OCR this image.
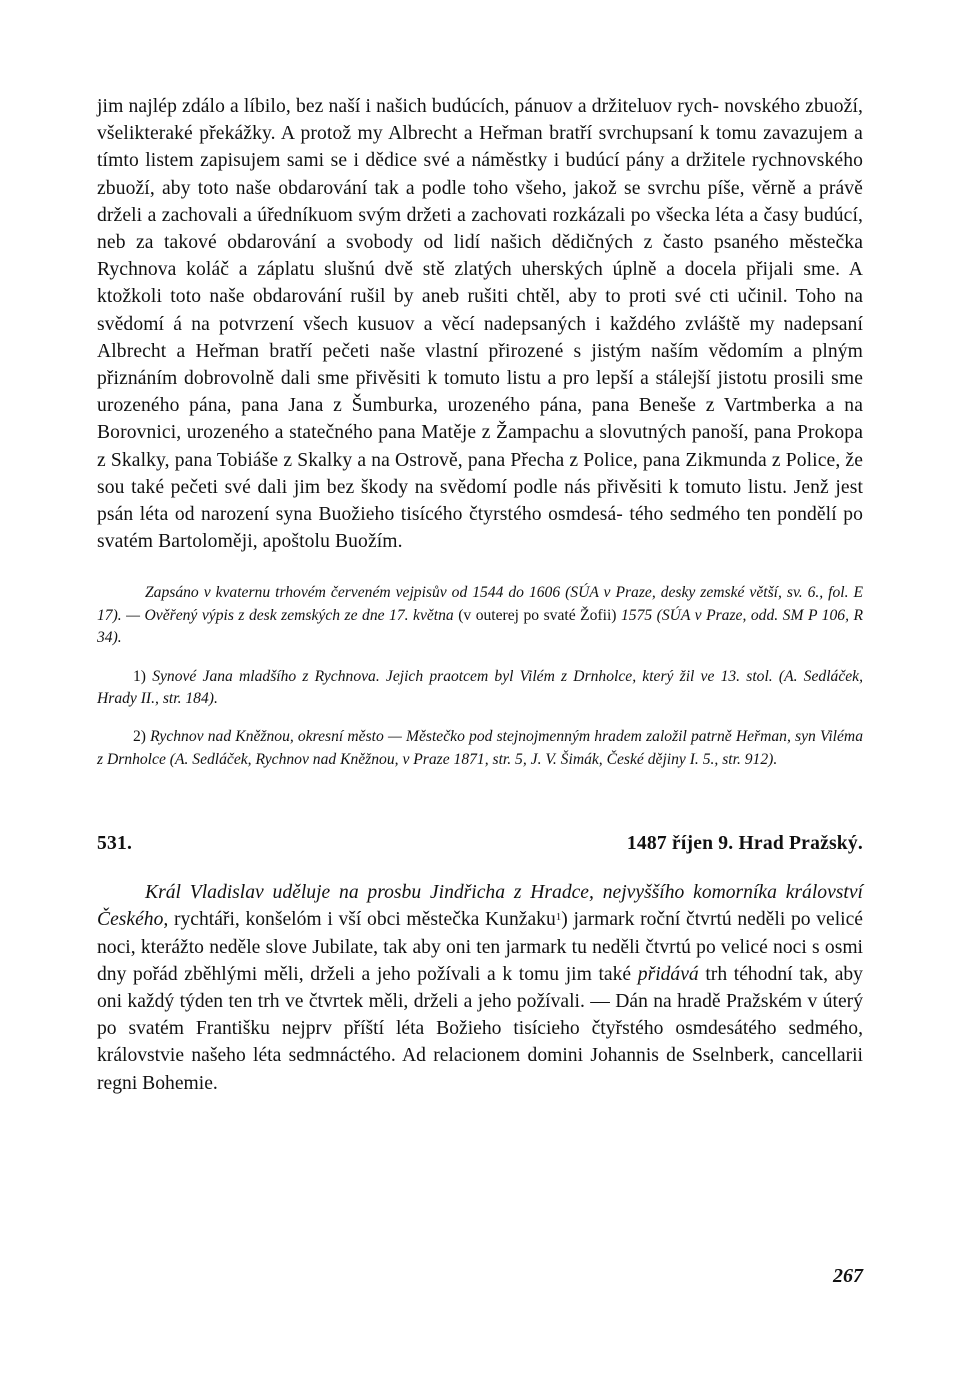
jim najlép zdálo a líbilo, bez naší i našich budúcích, pánuov a držiteluov rych- novského zbuoží, všelikteraké překážky. A protož my Albrecht a Heřman bratří svrchupsaní k tomu zavazujem a tímto listem zapisujem sami se i dědice své a náměstky i budúcí pány a držitele rychnovského zbuoží, aby toto naše obdarování tak a podle toho všeho, jakož se svrchu píše, věrně a právě drželi a zachovali a úředníkuom svým držeti a zachovati rozkázali po všecka léta a časy budúcí, neb za takové obdarování a svobody od lidí našich dědičných z často psaného městečka Rychnova koláč a záplatu slušnú dvě stě zlatých uherských úplně a docela přijali sme. A ktožkoli toto naše obdarování rušil by aneb rušiti chtěl, aby to proti své cti učinil. Toho na svědomí á na potvrzení všech kusuov a věcí nadepsaných i každého zvláště my nadepsaní Albrecht a Heřman bratří pečeti naše vlastní přirozené s jistým naším vědomím a plným přiznáním dobrovolně dali sme přivěsiti k tomuto listu a pro lepší a stálejší jistotu prosili sme urozeného pána, pana Jana z Šumburka, urozeného pána, pana Beneše z Vartmberka a na Borovnici, urozeného a statečného pana Matěje z Žampachu a slovutných panoší, pana Prokopa z Skalky, pana Tobiáše z Skalky a na Ostrově, pana Přecha z Police, pana Zikmunda z Police, že sou také pečeti své dali jim bez škody na svědomí podle nás přivěsiti k tomuto listu. Jenž jest psán léta od narození syna Buožieho tisícého čtyrstého osmdesá- tého sedmého ten pondělí po svatém Bartoloměji, apoštolu Buožím.

Zapsáno v kvaternu trhovém červeném vejpisův od 1544 do 1606 (SÚA v Praze, desky zemské větší, sv. 6., fol. E 17). — Ověřený výpis z desk zemských ze dne 17. května (v outerej po svaté Žofii) 1575 (SÚA v Praze, odd. SM P 106, R 34).

1) Synové Jana mladšího z Rychnova. Jejich praotcem byl Vilém z Drnholce, který žil ve 13. stol. (A. Sedláček, Hrady II., str. 184).

2) Rychnov nad Kněžnou, okresní město — Městečko pod stejnojmenným hradem založil patrně Heřman, syn Viléma z Drnholce (A. Sedláček, Rychnov nad Kněžnou, v Praze 1871, str. 5, J. V. Šimák, České dějiny I. 5., str. 912).

531.	1487 říjen 9. Hrad Pražský.

Král Vladislav uděluje na prosbu Jindřicha z Hradce, nejvyššího komorníka království Českého, rychtáři, konšelóm i vší obci městečka Kunžaku$^1$) jarmark roční čtvrtú neděli po velicé noci, kterážto neděle slove Jubilate, tak aby oni ten jarmark tu neděli čtvrtú po velicé noci s osmi dny pořád zběhlými měli, drželi a jeho požívali a k tomu jim také přidává trh téhodní tak, aby oni každý týden ten trh ve čtvrtek měli, drželi a jeho požívali. — Dán na hradě Pražském v úterý po svatém Františku nejprv příští léta Božieho tisícieho čtyřstého osmdesátého sedmého, královstvie našeho léta sedmnáctého. Ad relacionem domini Johannis de Sselnberk, cancellarii regni Bohemie.

267
